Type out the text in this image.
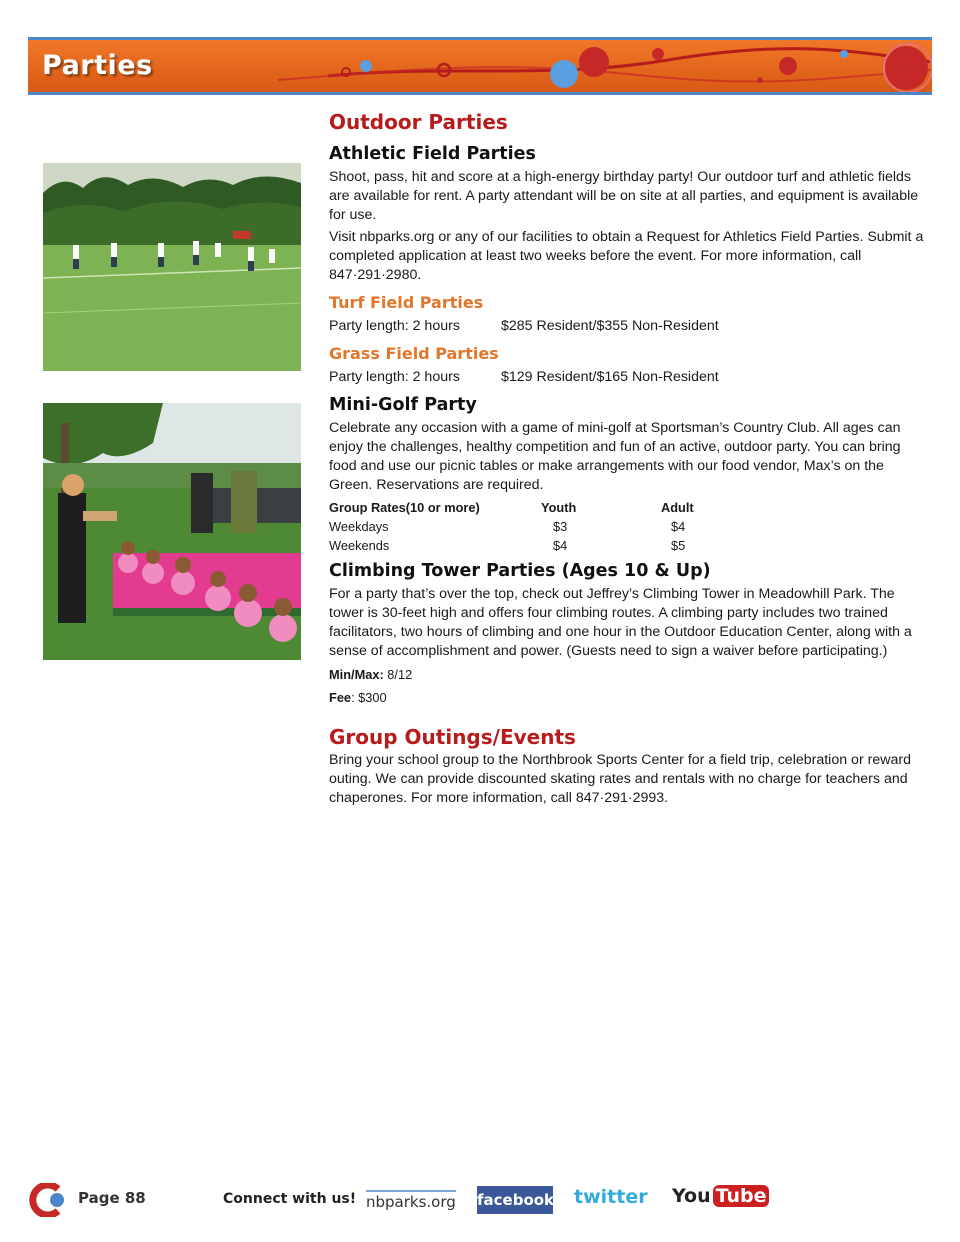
Parties
Outdoor Parties
Athletic Field Parties

Shoot, pass, hit and score at a high-energy birthday party! Our outdoor turf and athletic fields are available for rent. A party attendant will be on site at all parties, and equipment is available for use.

Visit nbparks.org or any of our facilities to obtain a Request for Athletics Field Parties. Submit a completed application at least two weeks before the event. For more information, call 847·291·2980.

Turf Field Parties
Party length: 2 hours	$285 Resident/$355 Non-Resident
Grass Field Parties
Party length: 2 hours	$129 Resident/$165 Non-Resident
Mini-Golf Party

Celebrate any occasion with a game of mini-golf at Sportsman’s Country Club. All ages can enjoy the challenges, healthy competition and fun of an active, outdoor party. You can bring food and use our picnic tables or make arrangements with our food vendor, Max’s on the Green. Reservations are required.

Group Rates(10 or more)	Youth	Adult
Weekdays	$3	$4
Weekends	$4	$5
Climbing Tower Parties (Ages 10 & Up)

For a party that’s over the top, check out Jeffrey’s Climbing Tower in Meadowhill Park. The tower is 30-feet high and offers four climbing routes. A climbing party includes two trained facilitators, two hours of climbing and one hour in the Outdoor Education Center, along with a sense of accomplishment and power. (Guests need to sign a waiver before participating.)

Min/Max: 8/12
Fee: $300
Group Outings/Events

Bring your school group to the Northbrook Sports Center for a field trip, celebration or reward outing. We can provide discounted skating rates and rentals with no charge for teachers and chaperones. For more information, call 847·291·2993.

Page 88	Connect with us! nbparks.org facebook twitter You Tube
